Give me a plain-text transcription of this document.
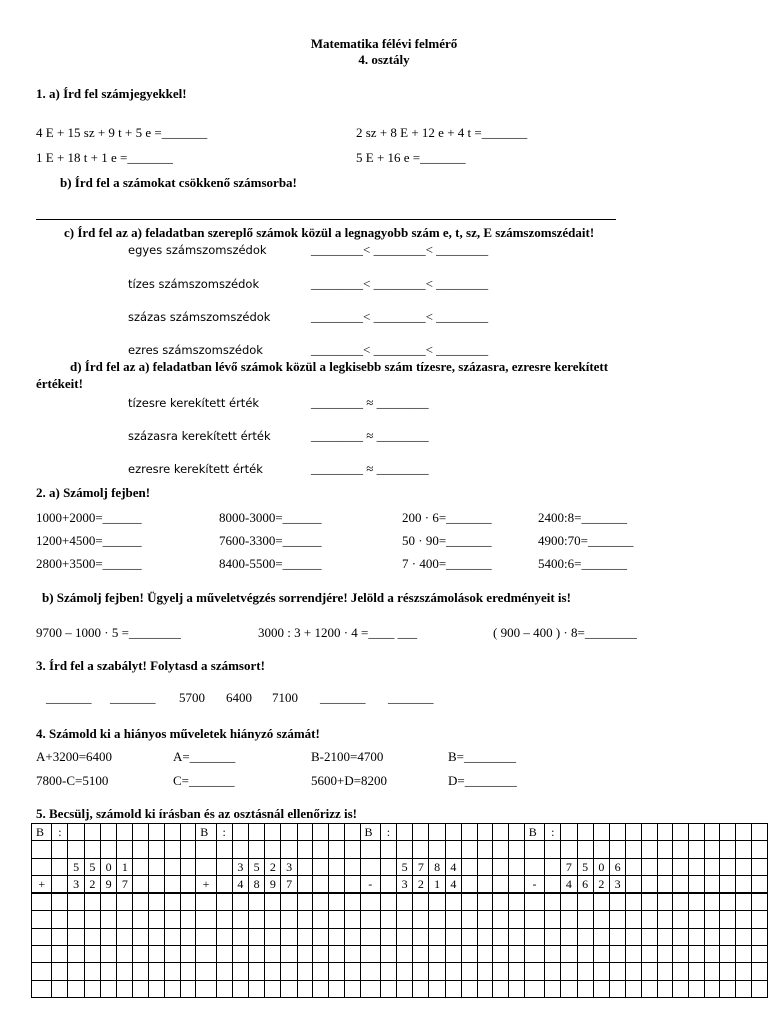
Matematika félévi felmérő
4. osztály
1. a) Írd fel számjegyekkel!
4 E + 15 sz + 9 t + 5 e =_______	2 sz + 8 E + 12 e + 4 t =_______
1 E + 18 t + 1 e =_______	5 E + 16 e =_______
b) Írd fel a számokat csökkenő számsorba!
c) Írd fel az a) feladatban szereplő számok közül a legnagyobb szám e, t, sz, E számszomszédait!
egyes számszomszédok	________< ________< ________
tízes számszomszédok	________< ________< ________
százas számszomszédok	________< ________< ________
ezres számszomszédok	________< ________< ________
d) Írd fel az a) feladatban lévő számok közül a legkisebb szám tízesre, százasra, ezresre kerekített
értékeit!
tízesre kerekített érték	________ ≈ ________
százasra kerekített érték	________ ≈ ________
ezresre kerekített érték	________ ≈ ________
2. a) Számolj fejben!
1000+2000=______	8000-3000=______	200 · 6=_______	2400:8=_______
1200+4500=______	7600-3300=______	50 · 90=_______	4900:70=_______
2800+3500=______	8400-5500=______	7 · 400=_______	5400:6=_______
b) Számolj fejben! Ügyelj a műveletvégzés sorrendjére! Jelöld a részszámolások eredményeit is!
9700 – 1000 · 5 =________	3000 : 3 + 1200 · 4 =____ ___	( 900 – 400 ) · 8=________
3. Írd fel a szabályt! Folytasd a számsort!
_______ _______ 5700 6400 7100 _______ _______
4. Számold ki a hiányos műveletek hiányzó számát!
A+3200=6400	A=_______	B-2100=4700	B=________
7800-C=5100	C=_______	5600+D=8200	D=________
5. Becsülj, számold ki írásban és az osztásnál ellenőrizz is!
B	:									B	:									B	:									B	:													

		5	5	0	1							3	5	2	3							5	7	8	4							7	5	0	6									
+		3	2	9	7					+		4	8	9	7					-		3	2	1	4					-		4	6	2	3									
